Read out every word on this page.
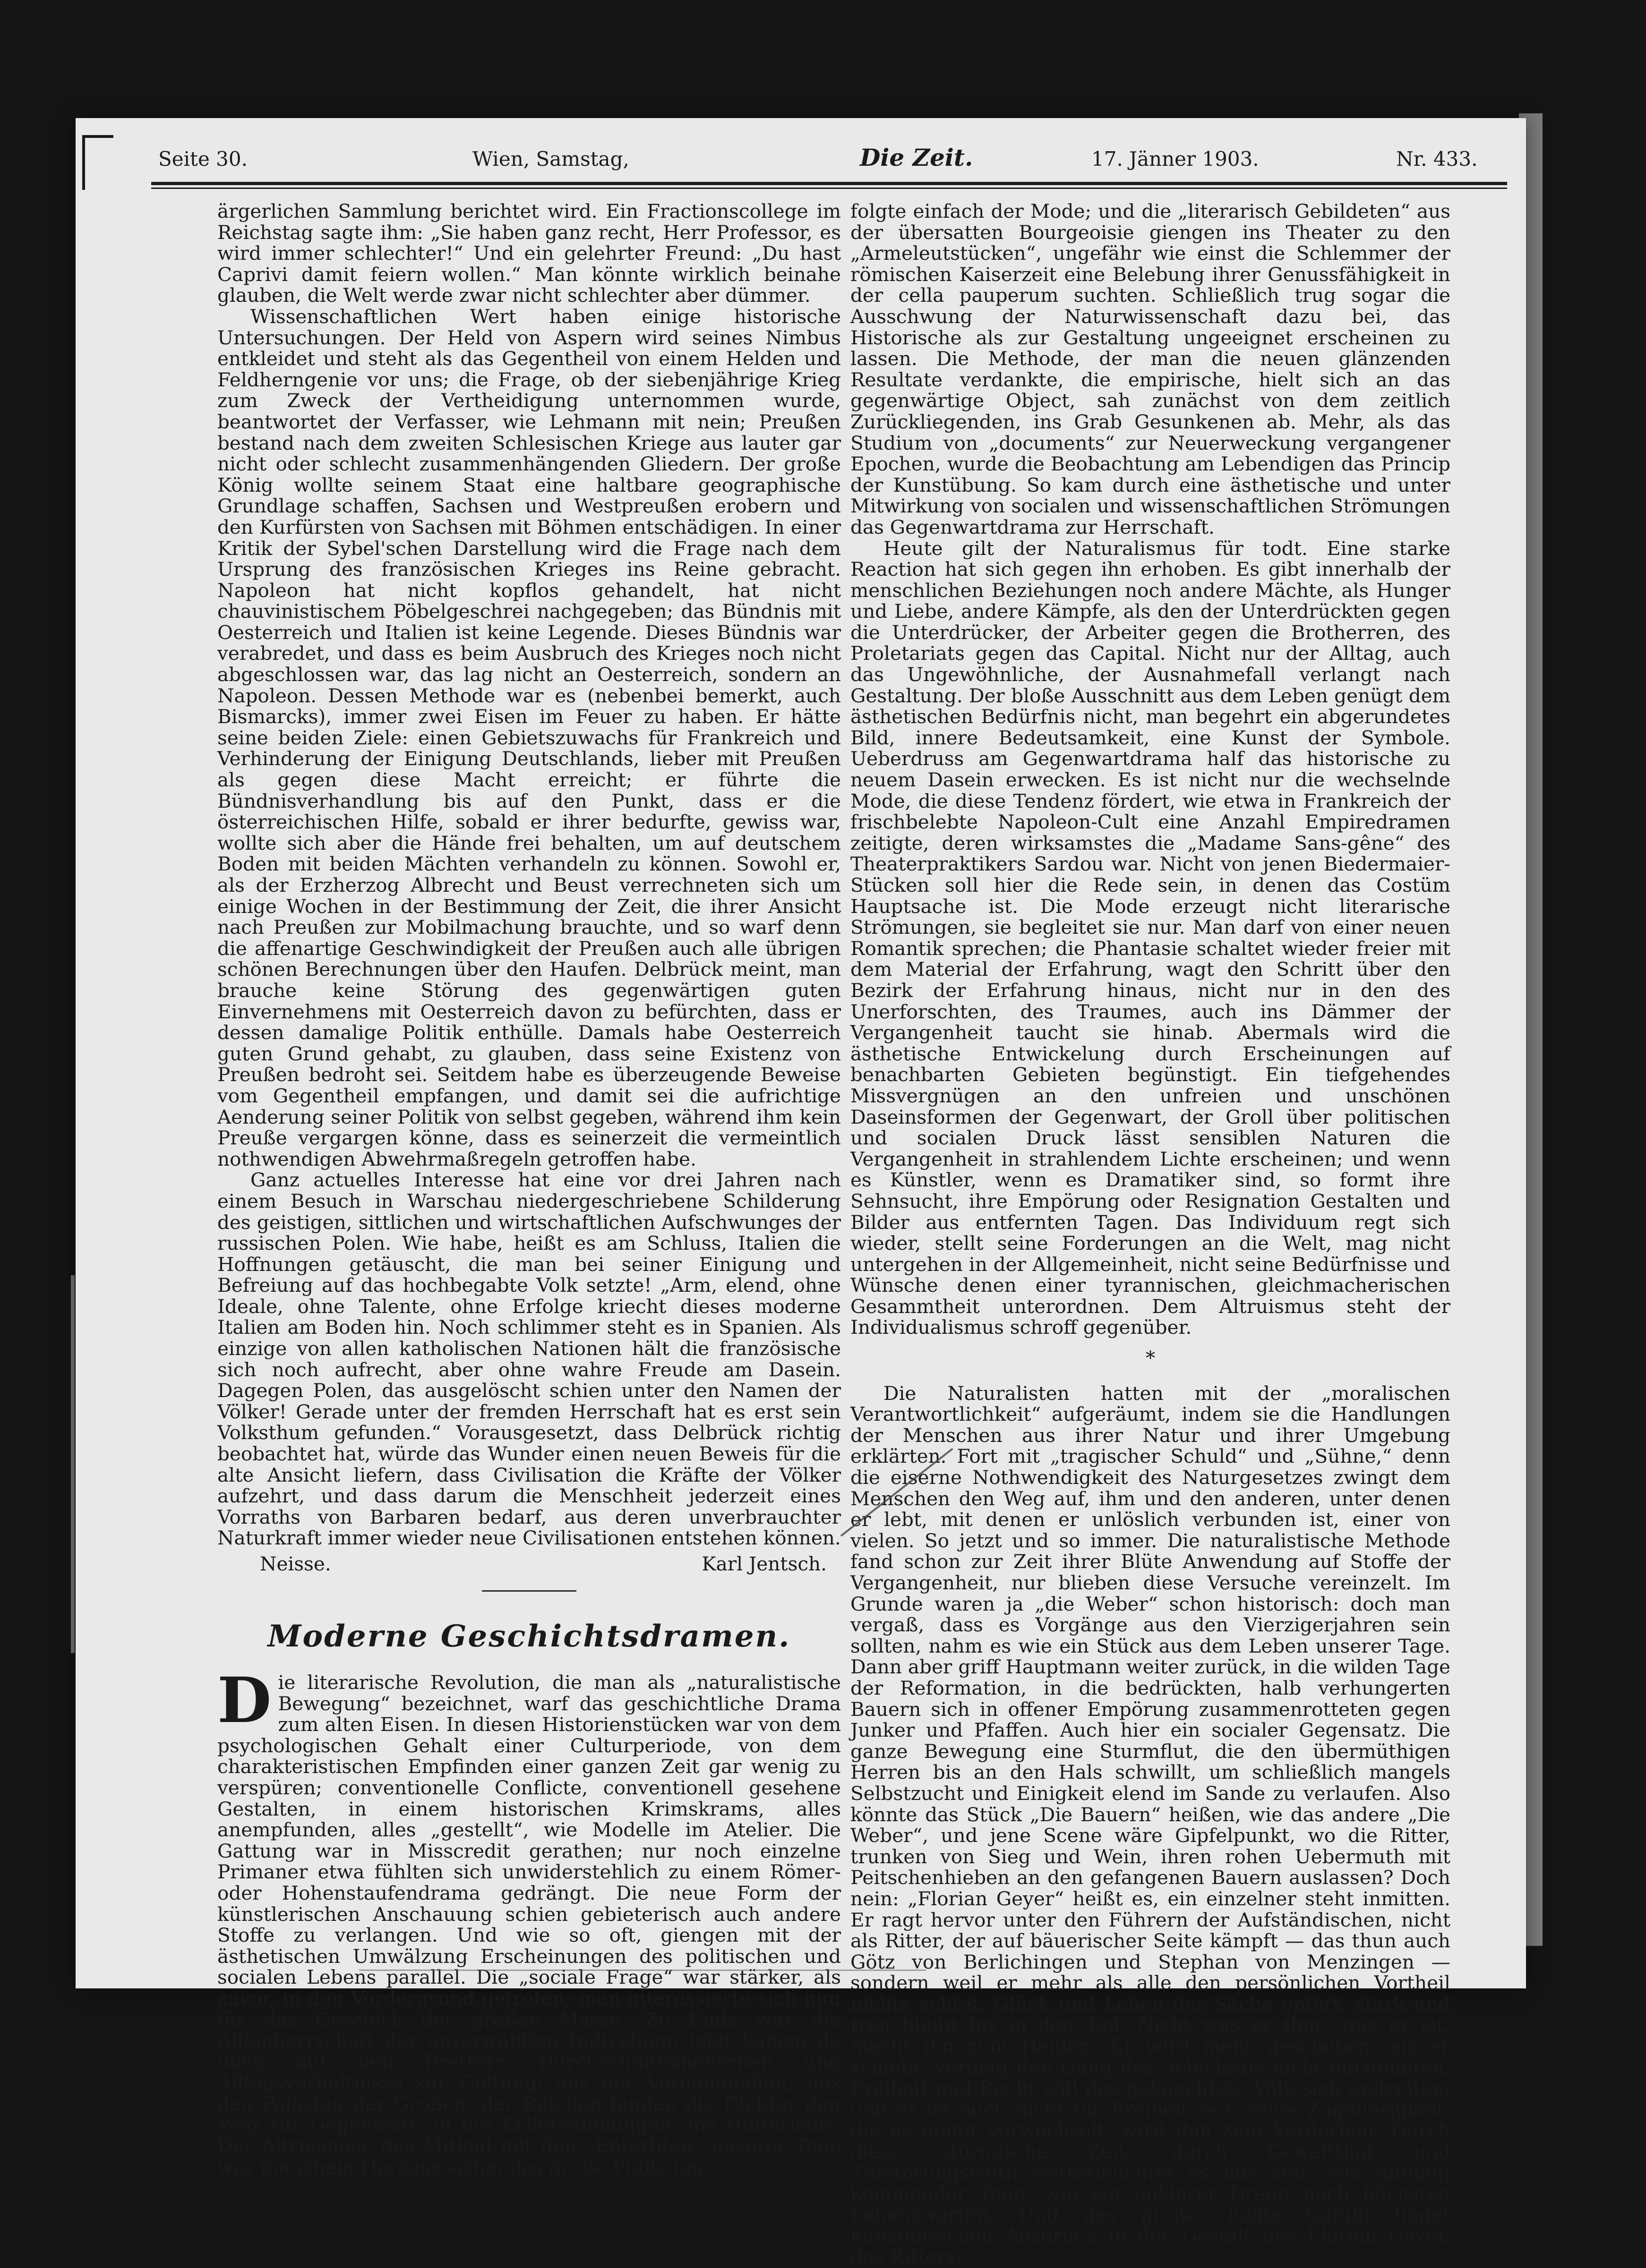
Seite 30.	Wien, Samstag,	Die Zeit.	17. Jänner 1903.	Nr. 433.

ärgerlichen Sammlung berichtet wird. Ein Fractionscollege im Reichstag sagte ihm: „Sie haben ganz recht, Herr Professor, es wird immer schlechter!“ Und ein gelehrter Freund: „Du hast Caprivi damit feiern wollen.“ Man könnte wirklich beinahe glauben, die Welt werde zwar nicht schlechter aber dümmer.

Wissenschaftlichen Wert haben einige historische Untersuchungen. Der Held von Aspern wird seines Nimbus entkleidet und steht als das Gegentheil von einem Helden und Feldherngenie vor uns; die Frage, ob der siebenjährige Krieg zum Zweck der Vertheidigung unternommen wurde, beantwortet der Verfasser, wie Lehmann mit nein; Preußen bestand nach dem zweiten Schlesischen Kriege aus lauter gar nicht oder schlecht zusammenhängenden Gliedern. Der große König wollte seinem Staat eine haltbare geographische Grundlage schaffen, Sachsen und Westpreußen erobern und den Kurfürsten von Sachsen mit Böhmen entschädigen. In einer Kritik der Sybel'schen Darstellung wird die Frage nach dem Ursprung des französischen Krieges ins Reine gebracht. Napoleon hat nicht kopflos gehandelt, hat nicht chauvinistischem Pöbelgeschrei nachgegeben; das Bündnis mit Oesterreich und Italien ist keine Legende. Dieses Bündnis war verabredet, und dass es beim Ausbruch des Krieges noch nicht abgeschlossen war, das lag nicht an Oesterreich, sondern an Napoleon. Dessen Methode war es (nebenbei bemerkt, auch Bismarcks), immer zwei Eisen im Feuer zu haben. Er hätte seine beiden Ziele: einen Gebietszuwachs für Frankreich und Verhinderung der Einigung Deutschlands, lieber mit Preußen als gegen diese Macht erreicht; er führte die Bündnisverhandlung bis auf den Punkt, dass er die österreichischen Hilfe, sobald er ihrer bedurfte, gewiss war, wollte sich aber die Hände frei behalten, um auf deutschem Boden mit beiden Mächten verhandeln zu können. Sowohl er, als der Erzherzog Albrecht und Beust verrechneten sich um einige Wochen in der Bestimmung der Zeit, die ihrer Ansicht nach Preußen zur Mobilmachung brauchte, und so warf denn die affenartige Geschwindigkeit der Preußen auch alle übrigen schönen Berechnungen über den Haufen. Delbrück meint, man brauche keine Störung des gegenwärtigen guten Einvernehmens mit Oesterreich davon zu befürchten, dass er dessen damalige Politik enthülle. Damals habe Oesterreich guten Grund gehabt, zu glauben, dass seine Existenz von Preußen bedroht sei. Seitdem habe es überzeugende Beweise vom Gegentheil empfangen, und damit sei die aufrichtige Aenderung seiner Politik von selbst gegeben, während ihm kein Preuße vergargen könne, dass es seinerzeit die vermeintlich nothwendigen Abwehrmaßregeln getroffen habe.

Ganz actuelles Interesse hat eine vor drei Jahren nach einem Besuch in Warschau niedergeschriebene Schilderung des geistigen, sittlichen und wirtschaftlichen Aufschwunges der russischen Polen. Wie habe, heißt es am Schluss, Italien die Hoffnungen getäuscht, die man bei seiner Einigung und Befreiung auf das hochbegabte Volk setzte! „Arm, elend, ohne Ideale, ohne Talente, ohne Erfolge kriecht dieses moderne Italien am Boden hin. Noch schlimmer steht es in Spanien. Als einzige von allen katholischen Nationen hält die französische sich noch aufrecht, aber ohne wahre Freude am Dasein. Dagegen Polen, das ausgelöscht schien unter den Namen der Völker! Gerade unter der fremden Herrschaft hat es erst sein Volksthum gefunden.“ Vorausgesetzt, dass Delbrück richtig beobachtet hat, würde das Wunder einen neuen Beweis für die alte Ansicht liefern, dass Civilisation die Kräfte der Völker aufzehrt, und dass darum die Menschheit jederzeit eines Vorraths von Barbaren bedarf, aus deren unverbrauchter Naturkraft immer wieder neue Civilisationen entstehen können.

Neisse.	Karl Jentsch.
Moderne Geschichtsdramen.

Die literarische Revolution, die man als „naturalistische Bewegung“ bezeichnet, warf das geschichtliche Drama zum alten Eisen. In diesen Historienstücken war von dem psychologischen Gehalt einer Culturperiode, von dem charakteristischen Empfinden einer ganzen Zeit gar wenig zu verspüren; conventionelle Conflicte, conventionell gesehene Gestalten, in einem historischen Krimskrams, alles anempfunden, alles „gestellt“, wie Modelle im Atelier. Die Gattung war in Misscredit gerathen; nur noch einzelne Primaner etwa fühlten sich unwiderstehlich zu einem Römer- oder Hohenstaufendrama gedrängt. Die neue Form der künstlerischen Anschauung schien gebieterisch auch andere Stoffe zu verlangen. Und wie so oft, giengen mit der ästhetischen Umwälzung Erscheinungen des politischen und socialen Lebens parallel. Die „sociale Frage“ war stärker, als zuvor, in den Vordergrund getreten; man interessierte sich nun für das Geschick der großen Masse. Zu Ende war die Alleinherrschaft der auserwählten Individuen: jetzt kamen da oben auf den Brettern Durchschnittsmenschen und Alltagsverhältnisse zur Geltung; aus der Vergangenheit, aus den Palästen der Großen, der Reichen fanden die Dichter den Weg zur Gegenwart, in die Kellerwohnungen, ins Hinterhaus. Der Altruismus, das Mitleid mit den „Enterbten“ unserer Tage war manchem Herzenssache; das große Publicum

folgte einfach der Mode; und die „literarisch Gebildeten“ aus der übersatten Bourgeoisie giengen ins Theater zu den „Armeleutstücken“, ungefähr wie einst die Schlemmer der römischen Kaiserzeit eine Belebung ihrer Genussfähigkeit in der cella pauperum suchten. Schließlich trug sogar die Ausschwung der Naturwissenschaft dazu bei, das Historische als zur Gestaltung ungeeignet erscheinen zu lassen. Die Methode, der man die neuen glänzenden Resultate verdankte, die empirische, hielt sich an das gegenwärtige Object, sah zunächst von dem zeitlich Zurückliegenden, ins Grab Gesunkenen ab. Mehr, als das Studium von „documents“ zur Neuerweckung vergangener Epochen, wurde die Beobachtung am Lebendigen das Princip der Kunstübung. So kam durch eine ästhetische und unter Mitwirkung von socialen und wissenschaftlichen Strömungen das Gegenwartdrama zur Herrschaft.

Heute gilt der Naturalismus für todt. Eine starke Reaction hat sich gegen ihn erhoben. Es gibt innerhalb der menschlichen Beziehungen noch andere Mächte, als Hunger und Liebe, andere Kämpfe, als den der Unterdrückten gegen die Unterdrücker, der Arbeiter gegen die Brotherren, des Proletariats gegen das Capital. Nicht nur der Alltag, auch das Ungewöhnliche, der Ausnahmefall verlangt nach Gestaltung. Der bloße Ausschnitt aus dem Leben genügt dem ästhetischen Bedürfnis nicht, man begehrt ein abgerundetes Bild, innere Bedeutsamkeit, eine Kunst der Symbole. Ueberdruss am Gegenwartdrama half das historische zu neuem Dasein erwecken. Es ist nicht nur die wechselnde Mode, die diese Tendenz fördert, wie etwa in Frankreich der frischbelebte Napoleon-Cult eine Anzahl Empiredramen zeitigte, deren wirksamstes die „Madame Sans-gêne“ des Theaterpraktikers Sardou war. Nicht von jenen Biedermaier-Stücken soll hier die Rede sein, in denen das Costüm Hauptsache ist. Die Mode erzeugt nicht literarische Strömungen, sie begleitet sie nur. Man darf von einer neuen Romantik sprechen; die Phantasie schaltet wieder freier mit dem Material der Erfahrung, wagt den Schritt über den Bezirk der Erfahrung hinaus, nicht nur in den des Unerforschten, des Traumes, auch ins Dämmer der Vergangenheit taucht sie hinab. Abermals wird die ästhetische Entwickelung durch Erscheinungen auf benachbarten Gebieten begünstigt. Ein tiefgehendes Missvergnügen an den unfreien und unschönen Daseinsformen der Gegenwart, der Groll über politischen und socialen Druck lässt sensiblen Naturen die Vergangenheit in strahlendem Lichte erscheinen; und wenn es Künstler, wenn es Dramatiker sind, so formt ihre Sehnsucht, ihre Empörung oder Resignation Gestalten und Bilder aus entfernten Tagen. Das Individuum regt sich wieder, stellt seine Forderungen an die Welt, mag nicht untergehen in der Allgemeinheit, nicht seine Bedürfnisse und Wünsche denen einer tyrannischen, gleichmacherischen Gesammtheit unterordnen. Dem Altruismus steht der Individualismus schroff gegenüber.

*

Die Naturalisten hatten mit der „moralischen Verantwortlichkeit“ aufgeräumt, indem sie die Handlungen der Menschen aus ihrer Natur und ihrer Umgebung erklärten. Fort mit „tragischer Schuld“ und „Sühne,“ denn die eiserne Nothwendigkeit des Naturgesetzes zwingt dem Menschen den Weg auf, ihm und den anderen, unter denen er lebt, mit denen er unlöslich verbunden ist, einer von vielen. So jetzt und so immer. Die naturalistische Methode fand schon zur Zeit ihrer Blüte Anwendung auf Stoffe der Vergangenheit, nur blieben diese Versuche vereinzelt. Im Grunde waren ja „die Weber“ schon historisch: doch man vergaß, dass es Vorgänge aus den Vierzigerjahren sein sollten, nahm es wie ein Stück aus dem Leben unserer Tage. Dann aber griff Hauptmann weiter zurück, in die wilden Tage der Reformation, in die bedrückten, halb verhungerten Bauern sich in offener Empörung zusammenrotteten gegen Junker und Pfaffen. Auch hier ein socialer Gegensatz. Die ganze Bewegung eine Sturmflut, die den übermüthigen Herren bis an den Hals schwillt, um schließlich mangels Selbstzucht und Einigkeit elend im Sande zu verlaufen. Also könnte das Stück „Die Bauern“ heißen, wie das andere „Die Weber“, und jene Scene wäre Gipfelpunkt, wo die Ritter, trunken von Sieg und Wein, ihren rohen Uebermuth mit Peitschenhieben an den gefangenen Bauern auslassen? Doch nein: „Florian Geyer“ heißt es, ein einzelner steht inmitten. Er ragt hervor unter den Führern der Aufständischen, nicht als Ritter, der auf bäuerischer Seite kämpft — das thun auch Götz von Berlichingen und Stephan von Menzingen — sondern weil er mehr als alle den persönlichen Vortheil nichts achtet, Glück und Leben der Sache opfert, stark und treu bleibt bis in den Tod. Nicht was er thut: was er ist, macht ihn zum Helden. Er wird mehr geschoben, als er schiebt, vermag den Gang des Schicksals nicht aufzuhalten. Freiheit und Recht will das geknechtete Volk sich erstreiten, und es ist noch nicht für Freiheit reif: seine Zügellosigkeit, die es damit verwechselt, wird ihm zum Verderben. Durch diese stürmische Zeit, durch Gewaltthat und Zerstörungswuth wetterleuchtet es nur erst, wie Ahnung kommender Tage, wie ein unklarer Drang nach höchsten Lebenswerten. Und das große, heiße Gefühl findet künstlerischen Ausdruck in der Gestalt des Florian Geyer, des Ritters,
